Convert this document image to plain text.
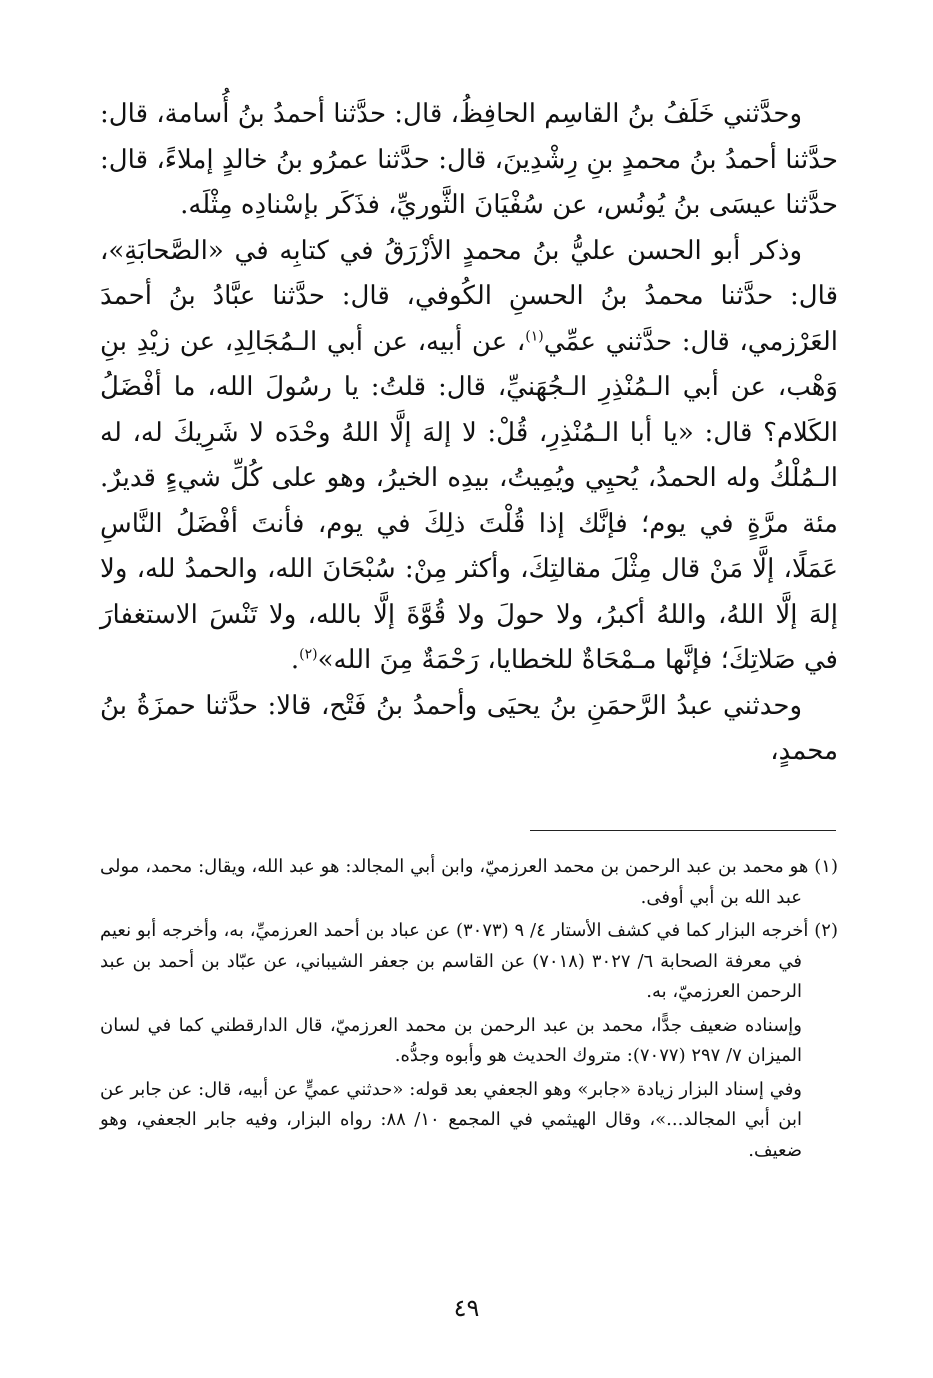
وحدَّثني خَلَفُ بنُ القاسِم الحافِظُ، قال: حدَّثنا أحمدُ بنُ أُسامة، قال: حدَّثنا أحمدُ بنُ محمدٍ بنِ رِشْدِينَ، قال: حدَّثنا عمرُو بنُ خالدٍ إملاءً، قال: حدَّثنا عيسَى بنُ يُونُس، عن سُفْيَانَ الثَّوريِّ، فذَكَر بإسْنادِه مِثْلَه.

وذكر أبو الحسن عليُّ بنُ محمدٍ الأزْرَقُ في كتابِه في «الصَّحابَةِ»، قال: حدَّثنا محمدُ بنُ الحسنِ الكُوفي، قال: حدَّثنا عبَّادُ بنُ أحمدَ العَرْزمي، قال: حدَّثني عمِّي$^{(١)}$، عن أبيه، عن أبي الـمُجَالِدِ، عن زيْدِ بنِ وَهْب، عن أبي الـمُنْذِرِ الـجُهَنيِّ، قال: قلتُ: يا رسُولَ الله، ما أفْضَلُ الكَلام؟ قال: «يا أبا الـمُنْذِرِ، قُلْ: لا إلهَ إلَّا اللهُ وحْدَه لا شَرِيكَ له، له الـمُلْكُ وله الحمدُ، يُحيِي ويُمِيتُ، بيدِه الخيرُ، وهو على كُلِّ شيءٍ قديرٌ. مئة مرَّةٍ في يوم؛ فإنَّك إذا قُلْتَ ذلِكَ في يوم، فأنتَ أفْضَلُ النَّاسِ عَمَلًا، إلَّا مَنْ قال مِثْلَ مقالتِكَ، وأكثر مِنْ: سُبْحَانَ الله، والحمدُ لله، ولا إلهَ إلَّا اللهُ، واللهُ أكبرُ، ولا حولَ ولا قُوَّةَ إلَّا بالله، ولا تَنْسَ الاستغفارَ في صَلاتِكَ؛ فإنَّها مـمْحَاةٌ للخطايا، رَحْمَةٌ مِنَ الله»$^{(٢)}$.

وحدثني عبدُ الرَّحمَنِ بنُ يحيَى وأحمدُ بنُ فَتْح، قالا: حدَّثنا حمزَةُ بنُ محمدٍ،

(١) هو محمد بن عبد الرحمن بن محمد العرزميّ، وابن أبي المجالد: هو عبد الله، ويقال: محمد، مولى عبد الله بن أبي أوفى.

(٢) أخرجه البزار كما في كشف الأستار ٤/ ٩ (٣٠٧٣) عن عباد بن أحمد العرزميِّ، به، وأخرجه أبو نعيم في معرفة الصحابة ٦/ ٣٠٢٧ (٧٠١٨) عن القاسم بن جعفر الشيباني، عن عبّاد بن أحمد بن عبد الرحمن العرزميّ، به.

وإسناده ضعيف جدًّا، محمد بن عبد الرحمن بن محمد العرزميّ، قال الدارقطني كما في لسان الميزان ٧/ ٢٩٧ (٧٠٧٧): متروك الحديث هو وأبوه وجدُّه.

وفي إسناد البزار زيادة «جابر» وهو الجعفي بعد قوله: «حدثني عميٍّ عن أبيه، قال: عن جابر عن ابن أبي المجالد...»، وقال الهيثمي في المجمع ١٠/ ٨٨: رواه البزار، وفيه جابر الجعفي، وهو ضعيف.

٤٩
